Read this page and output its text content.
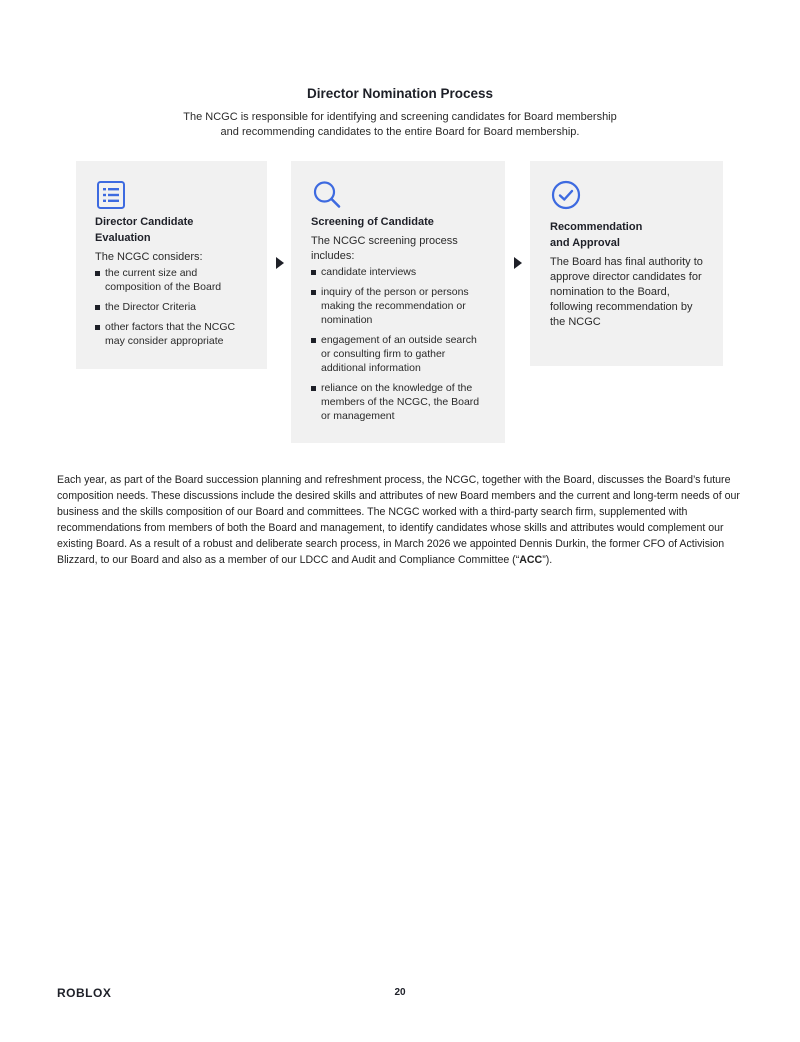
Director Nomination Process

The NCGC is responsible for identifying and screening candidates for Board membership
and recommending candidates to the entire Board for Board membership.

Director Candidate
Evaluation

The NCGC considers:

the current size and composition of the Board
the Director Criteria
other factors that the NCGC may consider appropriate

Screening of Candidate

The NCGC screening process includes:

candidate interviews
inquiry of the person or persons making the recommendation or nomination
engagement of an outside search or consulting firm to gather additional information
reliance on the knowledge of the members of the NCGC, the Board or management

Recommendation
and Approval

The Board has final authority to approve director candidates for nomination to the Board, following recommendation by the NCGC

Each year, as part of the Board succession planning and refreshment process, the NCGC, together with the Board, discusses the Board’s future composition needs. These discussions include the desired skills and attributes of new Board members and the current and long-term needs of our business and the skills composition of our Board and committees. The NCGC worked with a third-party search firm, supplemented with recommendations from members of both the Board and management, to identify candidates whose skills and attributes would complement our existing Board. As a result of a robust and deliberate search process, in March 2026 we appointed Dennis Durkin, the former CFO of Activision Blizzard, to our Board and also as a member of our LDCC and Audit and Compliance Committee (“ACC”).

ROBLOX	20
